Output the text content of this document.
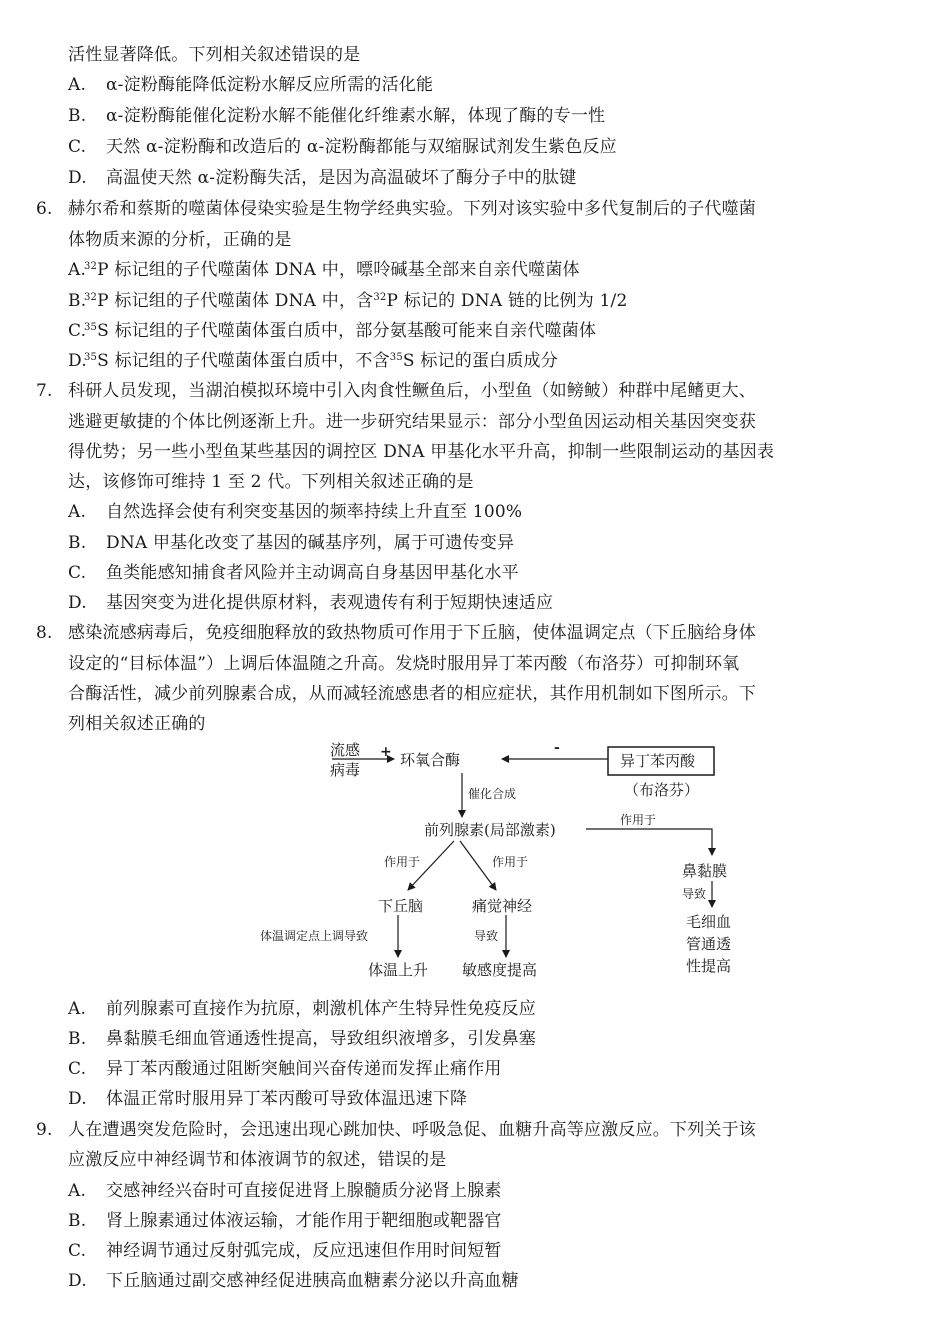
活性显著降低。下列相关叙述错误的是
A. α-淀粉酶能降低淀粉水解反应所需的活化能
B. α-淀粉酶能催化淀粉水解不能催化纤维素水解，体现了酶的专一性
C. 天然 α-淀粉酶和改造后的 α-淀粉酶都能与双缩脲试剂发生紫色反应
D. 高温使天然 α-淀粉酶失活，是因为高温破坏了酶分子中的肽键
6. 赫尔希和蔡斯的噬菌体侵染实验是生物学经典实验。下列对该实验中多代复制后的子代噬菌
体物质来源的分析，正确的是
A.$^{32}$P 标记组的子代噬菌体 DNA 中，嘌呤碱基全部来自亲代噬菌体
B.$^{32}$P 标记组的子代噬菌体 DNA 中，含$^{32}$P 标记的 DNA 链的比例为 1/2
C.$^{35}$S 标记组的子代噬菌体蛋白质中，部分氨基酸可能来自亲代噬菌体
D.$^{35}$S 标记组的子代噬菌体蛋白质中，不含$^{35}$S 标记的蛋白质成分
7. 科研人员发现，当湖泊模拟环境中引入肉食性鳜鱼后，小型鱼（如鳑鲏）种群中尾鳍更大、
逃避更敏捷的个体比例逐渐上升。进一步研究结果显示：部分小型鱼因运动相关基因突变获
得优势；另一些小型鱼某些基因的调控区 DNA 甲基化水平升高，抑制一些限制运动的基因表
达，该修饰可维持 1 至 2 代。下列相关叙述正确的是
A. 自然选择会使有利突变基因的频率持续上升直至 100%
B. DNA 甲基化改变了基因的碱基序列，属于可遗传变异
C. 鱼类能感知捕食者风险并主动调高自身基因甲基化水平
D. 基因突变为进化提供原材料，表观遗传有利于短期快速适应
8. 感染流感病毒后，免疫细胞释放的致热物质可作用于下丘脑，使体温调定点（下丘脑给身体
设定的“目标体温”）上调后体温随之升高。发烧时服用异丁苯丙酸（布洛芬）可抑制环氧
合酶活性，减少前列腺素合成，从而减轻流感患者的相应症状，其作用机制如下图所示。下
列相关叙述正确的
流感
病毒
+ 环氧合酶
-
异丁苯丙酸
（布洛芬）
催化合成
前列腺素(局部激素)
作用于
作用于	作用于	鼻黏膜
下丘脑	痛觉神经
导致
体温调定点上调导致	导致
毛细血
管通透
性提高
体温上升 敏感度提高
A. 前列腺素可直接作为抗原，刺激机体产生特异性免疫反应
B. 鼻黏膜毛细血管通透性提高，导致组织液增多，引发鼻塞
C. 异丁苯丙酸通过阻断突触间兴奋传递而发挥止痛作用
D. 体温正常时服用异丁苯丙酸可导致体温迅速下降
9. 人在遭遇突发危险时，会迅速出现心跳加快、呼吸急促、血糖升高等应激反应。下列关于该
应激反应中神经调节和体液调节的叙述，错误的是
A. 交感神经兴奋时可直接促进肾上腺髓质分泌肾上腺素
B. 肾上腺素通过体液运输，才能作用于靶细胞或靶器官
C. 神经调节通过反射弧完成，反应迅速但作用时间短暂
D. 下丘脑通过副交感神经促进胰高血糖素分泌以升高血糖
